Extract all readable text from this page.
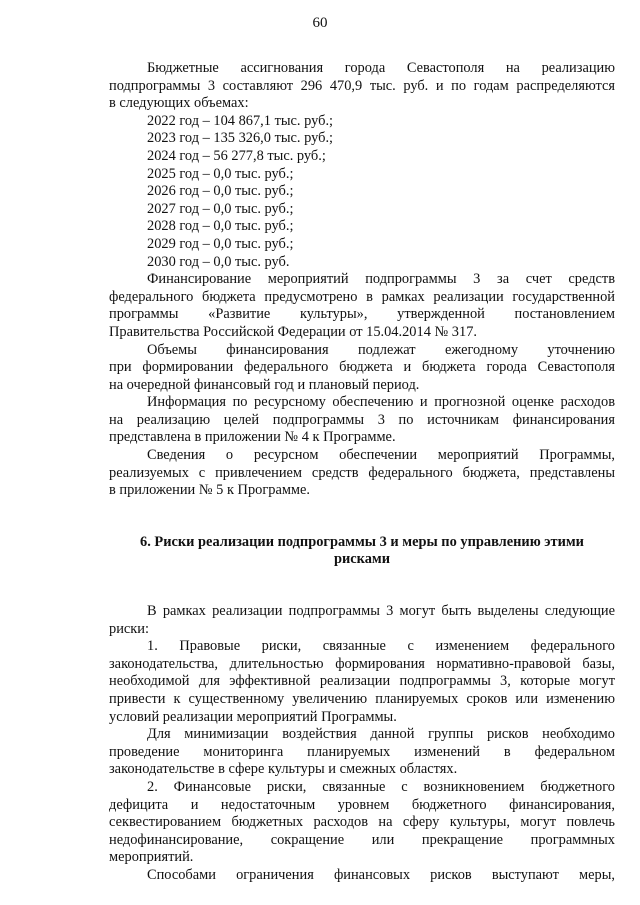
60
Бюджетные ассигнования города Севастополя на реализацию
подпрограммы 3 составляют 296 470,9 тыс. руб. и по годам распределяются
в следующих объемах:
2022 год – 104 867,1 тыс. руб.;
2023 год – 135 326,0 тыс. руб.;
2024 год – 56 277,8 тыс. руб.;
2025 год – 0,0 тыс. руб.;
2026 год – 0,0 тыс. руб.;
2027 год – 0,0 тыс. руб.;
2028 год – 0,0 тыс. руб.;
2029 год – 0,0 тыс. руб.;
2030 год – 0,0 тыс. руб.
Финансирование мероприятий подпрограммы 3 за счет средств
федерального бюджета предусмотрено в рамках реализации государственной
программы «Развитие культуры», утвержденной постановлением
Правительства Российской Федерации от 15.04.2014 № 317.
Объемы финансирования подлежат ежегодному уточнению
при формировании федерального бюджета и бюджета города Севастополя
на очередной финансовый год и плановый период.
Информация по ресурсному обеспечению и прогнозной оценке расходов
на реализацию целей подпрограммы 3 по источникам финансирования
представлена в приложении № 4 к Программе.
Сведения о ресурсном обеспечении мероприятий Программы,
реализуемых с привлечением средств федерального бюджета, представлены
в приложении № 5 к Программе.
6. Риски реализации подпрограммы 3 и меры по управлению этими
рисками
В рамках реализации подпрограммы 3 могут быть выделены следующие
риски:
1. Правовые риски, связанные с изменением федерального
законодательства, длительностью формирования нормативно-правовой базы,
необходимой для эффективной реализации подпрограммы 3, которые могут
привести к существенному увеличению планируемых сроков или изменению
условий реализации мероприятий Программы.
Для минимизации воздействия данной группы рисков необходимо
проведение мониторинга планируемых изменений в федеральном
законодательстве в сфере культуры и смежных областях.
2. Финансовые риски, связанные с возникновением бюджетного
дефицита и недостаточным уровнем бюджетного финансирования,
секвестированием бюджетных расходов на сферу культуры, могут повлечь
недофинансирование, сокращение или прекращение программных
мероприятий.
Способами ограничения финансовых рисков выступают меры,
